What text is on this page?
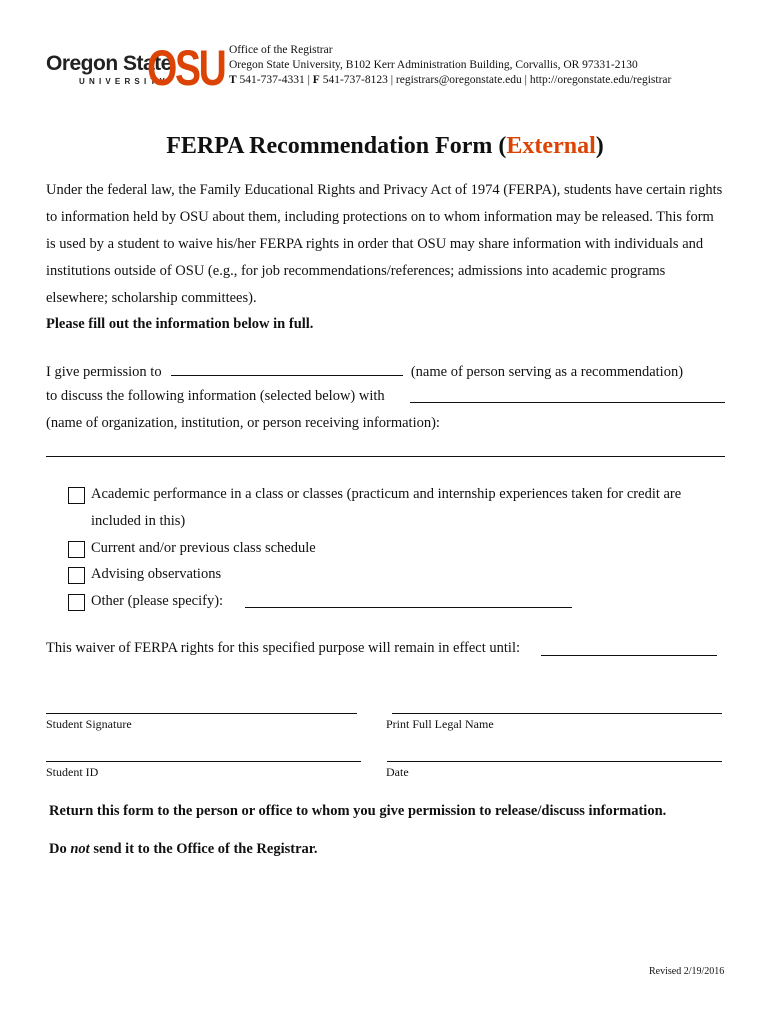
Oregon State
UNIVERSITY
OSU Office of the Registrar
Oregon State University, B102 Kerr Administration Building, Corvallis, OR 97331-2130
T 541-737-4331 | F 541-737-8123 | registrars@oregonstate.edu | http://oregonstate.edu/registrar
FERPA Recommendation Form (External)
Under the federal law, the Family Educational Rights and Privacy Act of 1974 (FERPA), students have certain rights to information held by OSU about them, including protections on to whom information may be released. This form is used by a student to waive his/her FERPA rights in order that OSU may share information with individuals and institutions outside of OSU (e.g., for job recommendations/references; admissions into academic programs elsewhere; scholarship committees).
Please fill out the information below in full.
I give permission to	(name of person serving as a recommendation)
to discuss the following information (selected below) with
(name of organization, institution, or person receiving information):
Academic performance in a class or classes (practicum and internship experiences taken for credit are
included in this)
Current and/or previous class schedule
Advising observations
Other (please specify):
This waiver of FERPA rights for this specified purpose will remain in effect until:
Student Signature	Print Full Legal Name
Student ID	Date
Return this form to the person or office to whom you give permission to release/discuss information.
Do not send it to the Office of the Registrar.
Revised 2/19/2016
